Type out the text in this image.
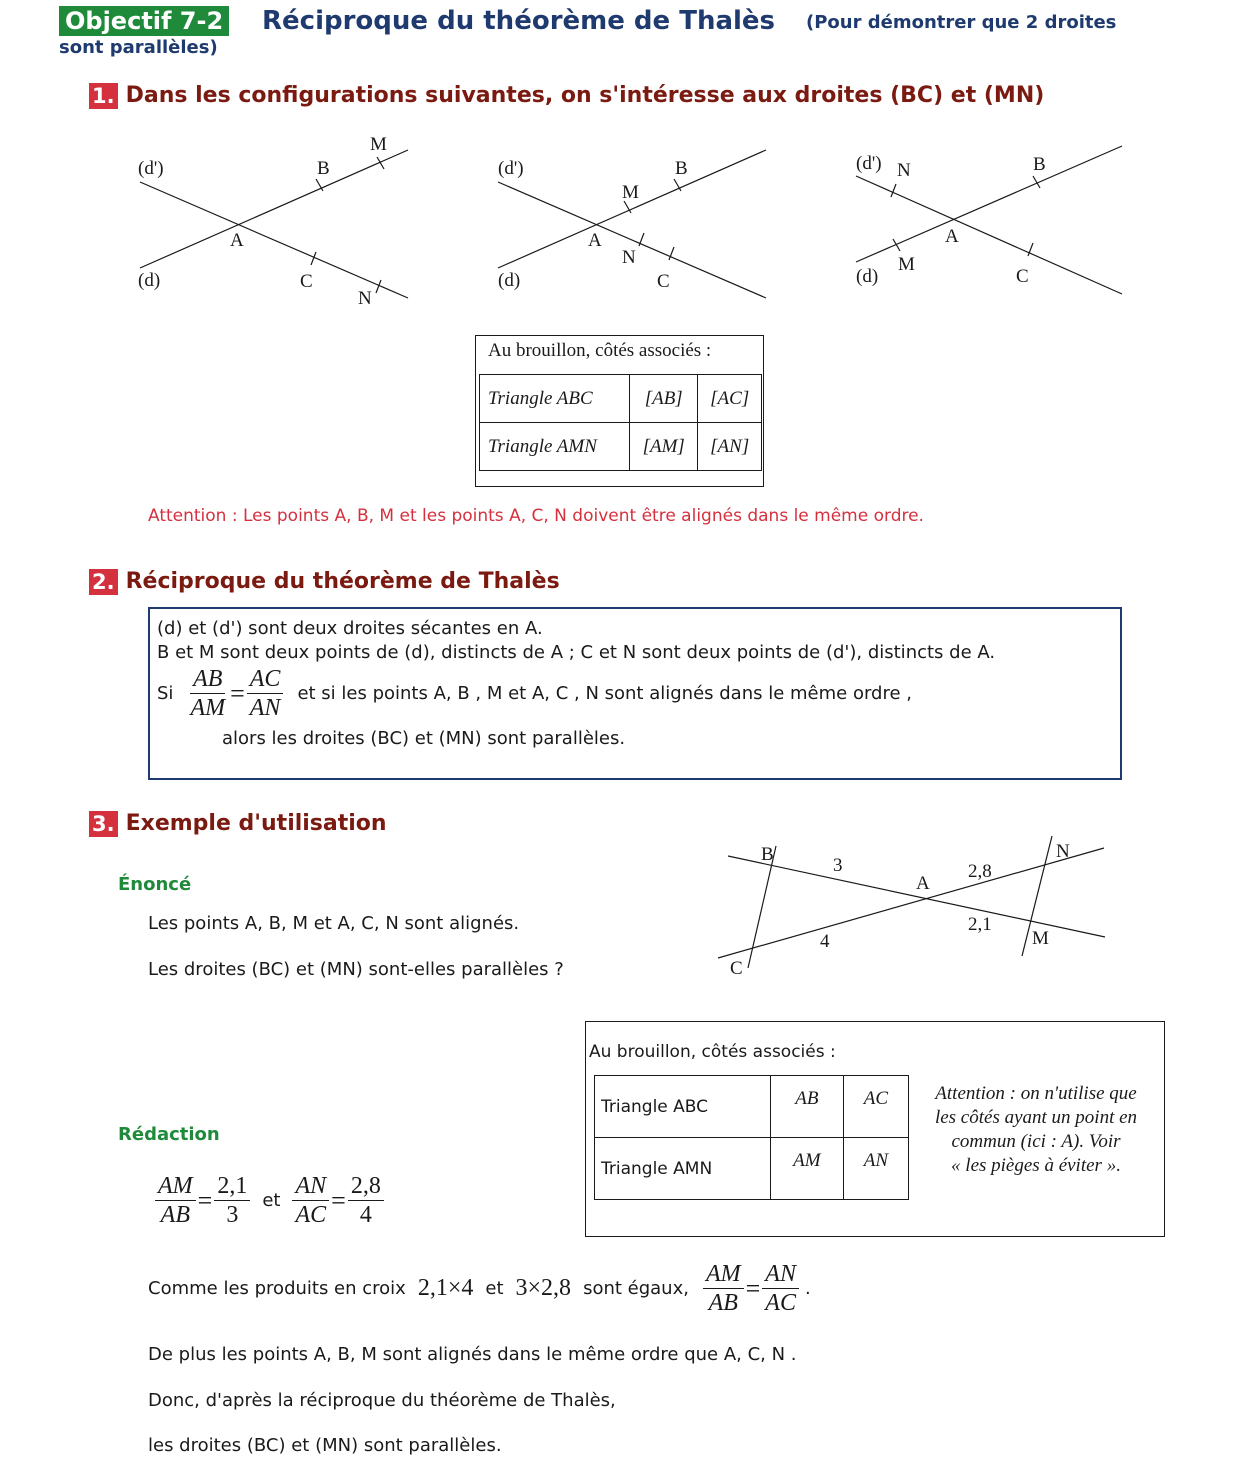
Objectif 7-2 Réciproque du théorème de Thalès (Pour démontrer que 2 droites
sont parallèles)
1. Dans les configurations suivantes, on s'intéresse aux droites (BC) et (MN)
(d')
(d)
A
B
M
C
N
(d')
(d)
A
B
M
N
C
(d')
(d)
N	B
A
M
C
Au brouillon, côtés associés :
Triangle ABC	[AB]	[AC]
Triangle AMN	[AM]	[AN]
Attention : Les points A, B, M et les points A, C, N doivent être alignés dans le même ordre.
2. Réciproque du théorème de Thalès
(d) et (d') sont deux droites sécantes en A.
B et M sont deux points de (d), distincts de A ; C et N sont deux points de (d'), distincts de A.
Si $\frac{AB}{AM} = \frac{AC}{AN}$ et si les points A, B , M et A, C , N sont alignés dans le même ordre ,
alors les droites (BC) et (MN) sont parallèles.
3. Exemple d'utilisation
Énoncé
Les points A, B, M et A, C, N sont alignés.
Les droites (BC) et (MN) sont-elles parallèles ?
B	N
A
C
M
3	2,8
4
2,1
Au brouillon, côtés associés :
Triangle ABC	AB	AC
Triangle AMN	AM	AN
Attention : on n'utilise que
les côtés ayant un point en
commun (ici : A). Voir
« les pièges à éviter ».
Rédaction
$\frac{AM}{AB} = \frac{2,1}{3}$ et $\frac{AN}{AC} = \frac{2,8}{4}$
Comme les produits en croix 2,1×4 et 3×2,8 sont égaux, $\frac{AM}{AB} = \frac{AN}{AC}$ .
De plus les points A, B, M sont alignés dans le même ordre que A, C, N .
Donc, d'après la réciproque du théorème de Thalès,
les droites (BC) et (MN) sont parallèles.
